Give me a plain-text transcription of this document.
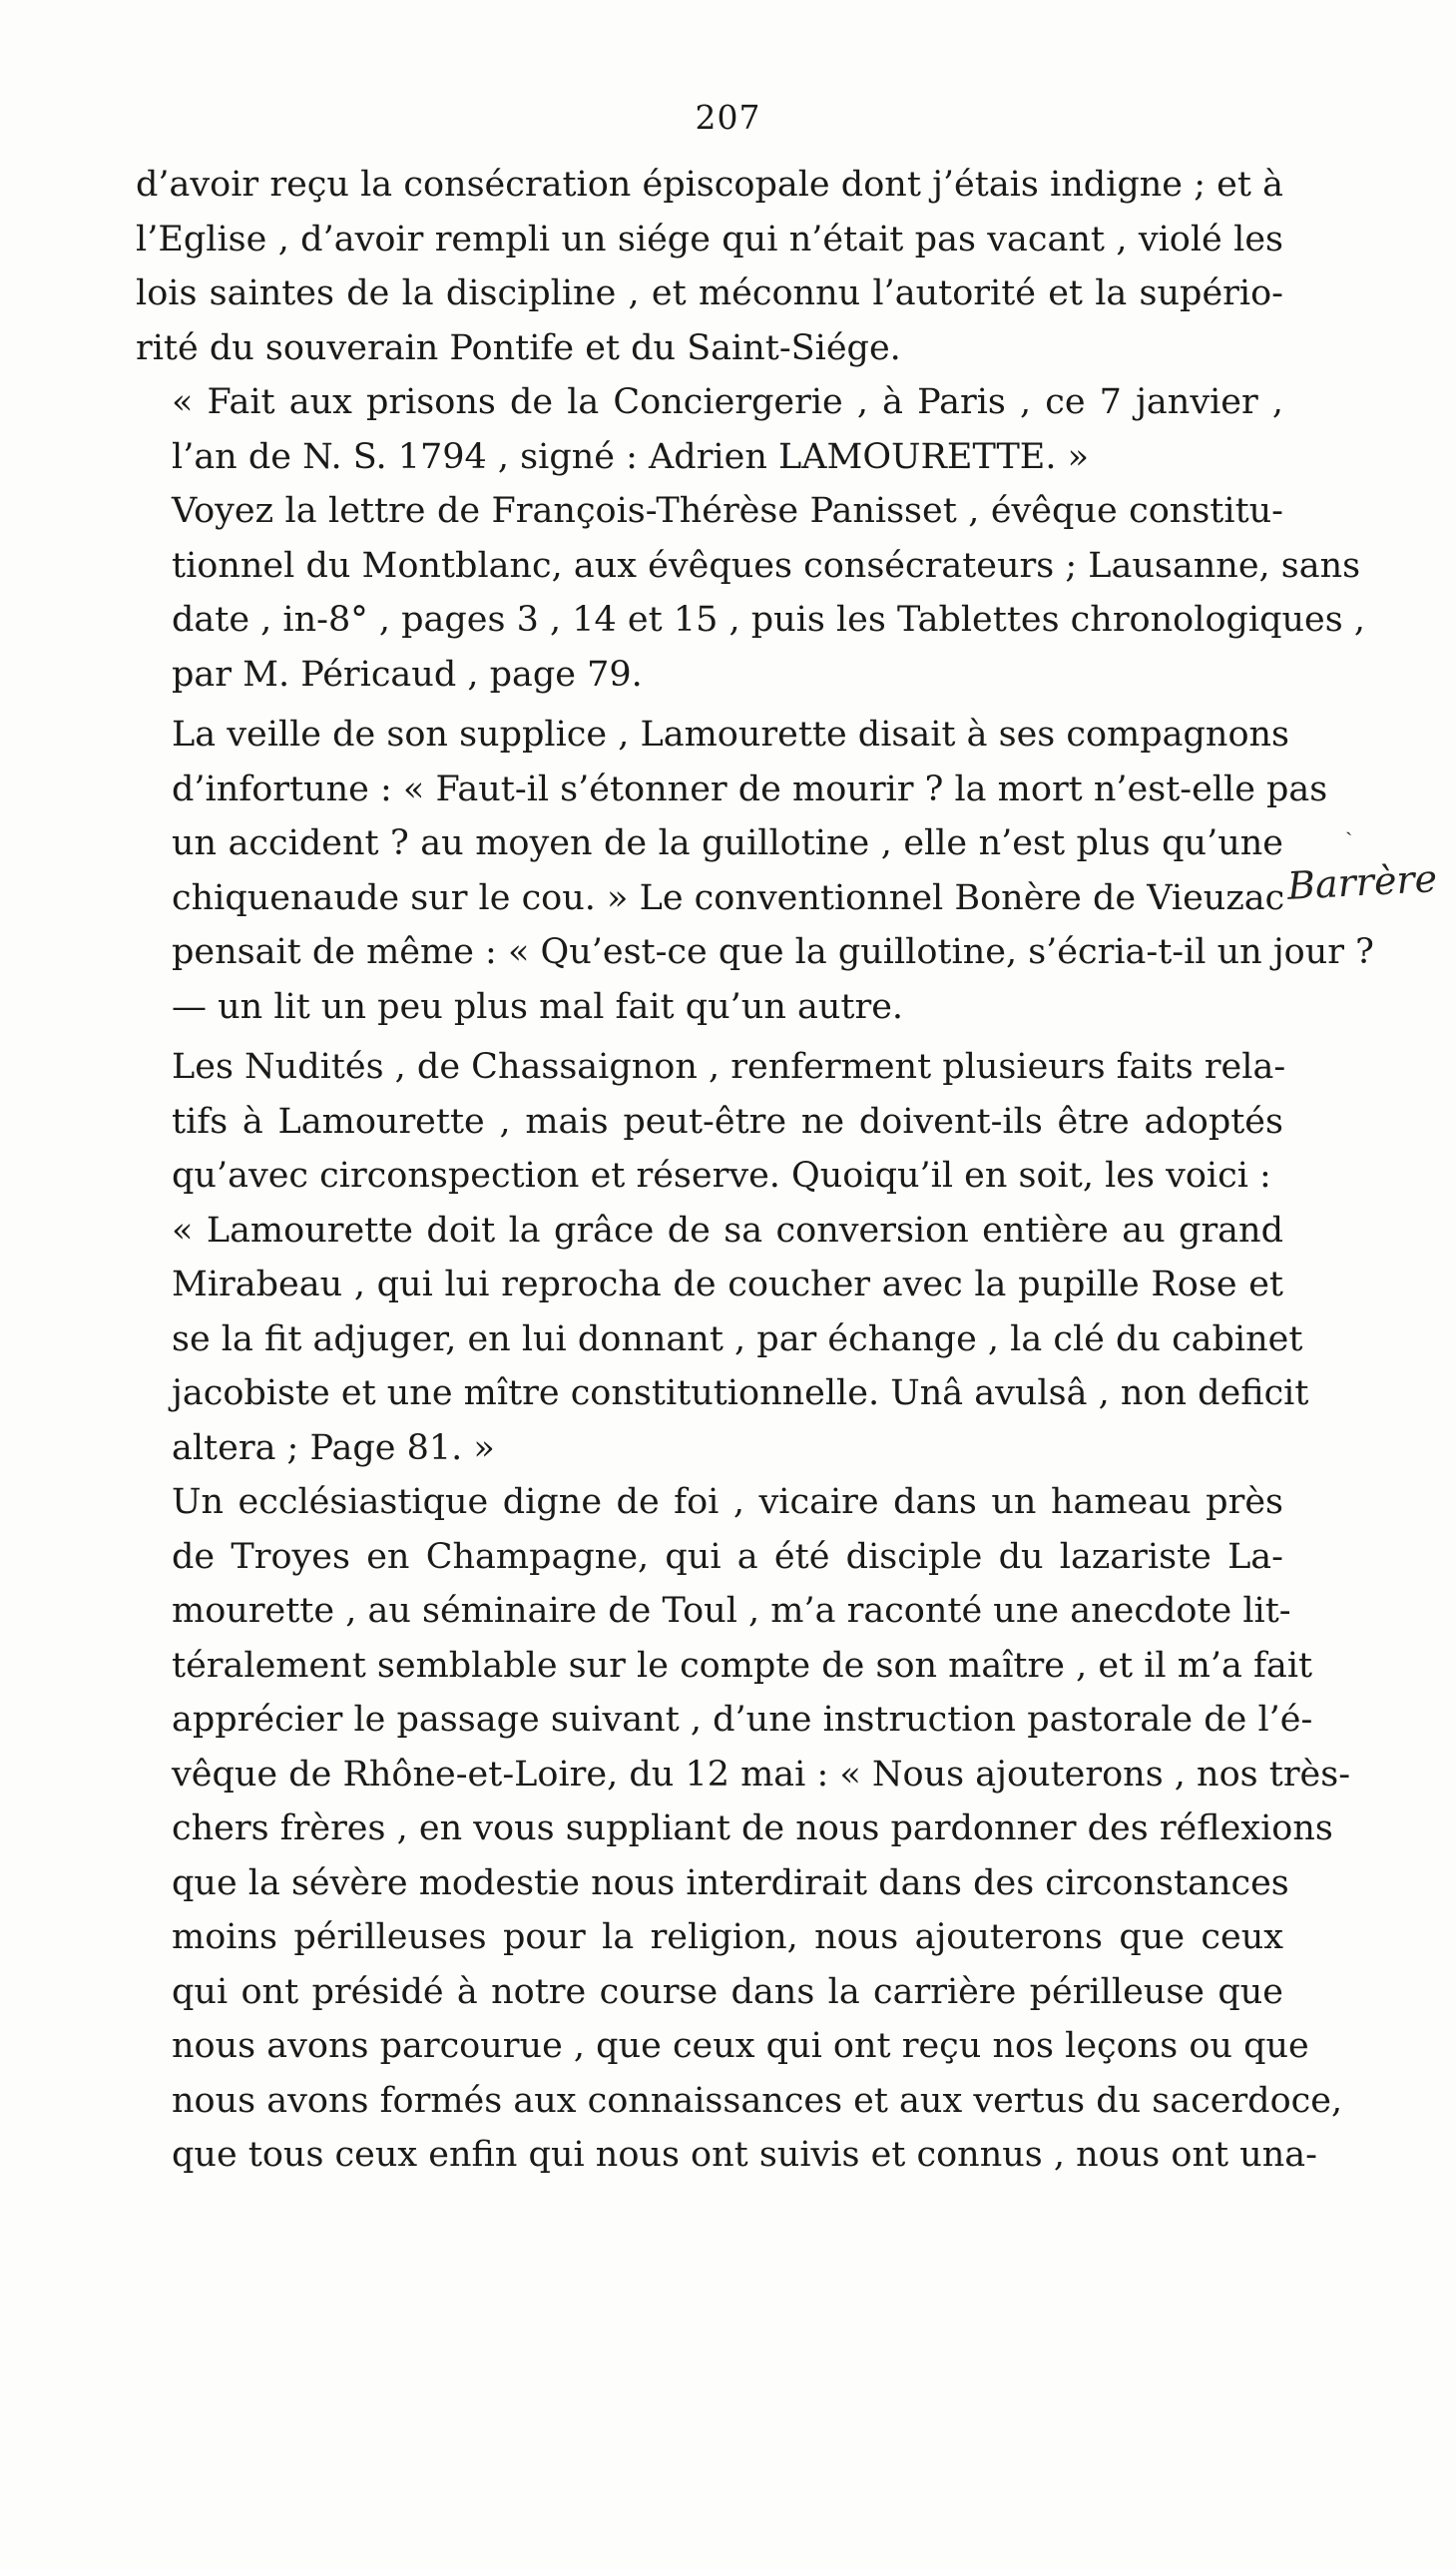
207

d’avoir reçu la consécration épiscopale dont j’étais indigne ; et à
l’Eglise , d’avoir rempli un siége qui n’était pas vacant , violé les
lois saintes de la discipline , et méconnu l’autorité et la supério-
rité du souverain Pontife et du Saint-Siége.

« Fait aux prisons de la Conciergerie , à Paris , ce 7 janvier ,
l’an de N. S. 1794 , signé : Adrien LAMOURETTE. »

Voyez la lettre de François-Thérèse Panisset , évêque constitu-
tionnel du Montblanc, aux évêques consécrateurs ; Lausanne, sans
date , in-8° , pages 3 , 14 et 15 , puis les Tablettes chronologiques ,
par M. Péricaud , page 79.

La veille de son supplice , Lamourette disait à ses compagnons
d’infortune : « Faut-il s’étonner de mourir ? la mort n’est-elle pas
un accident ? au moyen de la guillotine , elle n’est plus qu’une
chiquenaude sur le cou. » Le conventionnel Bonère de Vieuzac
pensait de même : « Qu’est-ce que la guillotine, s’écria-t-il un jour ?
— un lit un peu plus mal fait qu’un autre.

Les Nudités , de Chassaignon , renferment plusieurs faits rela-
tifs à Lamourette , mais peut-être ne doivent-ils être adoptés
qu’avec circonspection et réserve. Quoiqu’il en soit, les voici :

« Lamourette doit la grâce de sa conversion entière au grand
Mirabeau , qui lui reprocha de coucher avec la pupille Rose et
se la fit adjuger, en lui donnant , par échange , la clé du cabinet
jacobiste et une mître constitutionnelle. Unâ avulsâ , non deficit
altera ; Page 81. »

Un ecclésiastique digne de foi , vicaire dans un hameau près
de Troyes en Champagne, qui a été disciple du lazariste La-
mourette , au séminaire de Toul , m’a raconté une anecdote lit-
téralement semblable sur le compte de son maître , et il m’a fait
apprécier le passage suivant , d’une instruction pastorale de l’é-
vêque de Rhône-et-Loire, du 12 mai : « Nous ajouterons , nos très-
chers frères , en vous suppliant de nous pardonner des réflexions
que la sévère modestie nous interdirait dans des circonstances
moins périlleuses pour la religion, nous ajouterons que ceux
qui ont présidé à notre course dans la carrière périlleuse que
nous avons parcourue , que ceux qui ont reçu nos leçons ou que
nous avons formés aux connaissances et aux vertus du sacerdoce,
que tous ceux enfin qui nous ont suivis et connus , nous ont una-

ˎ
Barrère
